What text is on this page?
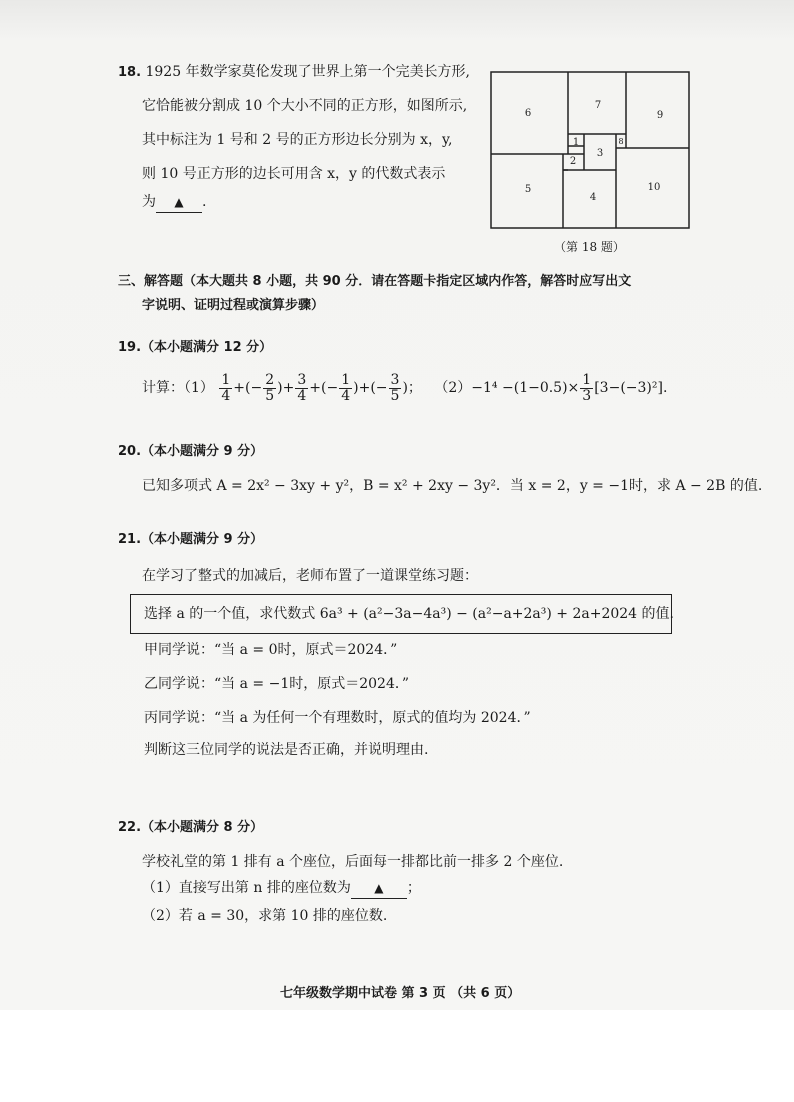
18. 1925 年数学家莫伦发现了世界上第一个完美长方形,
它恰能被分割成 10 个大小不同的正方形，如图所示,
其中标注为 1 号和 2 号的正方形边长分别为 x，y,
则 10 号正方形的边长可用含 x，y 的代数式表示
为 ▲ .
1
2
3
4
5
6
7
8
9
10
（第 18 题）
三、解答题（本大题共 8 小题，共 90 分．请在答题卡指定区域内作答，解答时应写出文
字说明、证明过程或演算步骤）
19.（本小题满分 12 分）
计算：$(1) \frac{1}{4}$ +(− $\frac{2}{5}$ )+ $\frac{3}{4}$ +(− $\frac{1}{4}$ )+(− $\frac{3}{5}$ )； $(2)-1^4 -(1-0.5)\times \frac{1}{3} [3-(-3)^2]$.
20.（本小题满分 9 分）
已知多项式 A = 2x² − 3xy + y²，B = x² + 2xy − 3y²．当 x = 2，y = −1时，求 A − 2B 的值.
21.（本小题满分 9 分）
在学习了整式的加减后，老师布置了一道课堂练习题：
选择 a 的一个值，求代数式 6a³ + (a²−3a−4a³) − (a²−a+2a³) + 2a+2024 的值.
甲同学说：“当 a = 0时，原式＝2024．”
乙同学说：“当 a = −1时，原式＝2024．”
丙同学说：“当 a 为任何一个有理数时，原式的值均为 2024．”
判断这三位同学的说法是否正确，并说明理由.
22.（本小题满分 8 分）
学校礼堂的第 1 排有 a 个座位，后面每一排都比前一排多 2 个座位.
（1）直接写出第 n 排的座位数为 ▲ ；
（2）若 a = 30，求第 10 排的座位数.
七年级数学期中试卷 第 3 页 （共 6 页）
